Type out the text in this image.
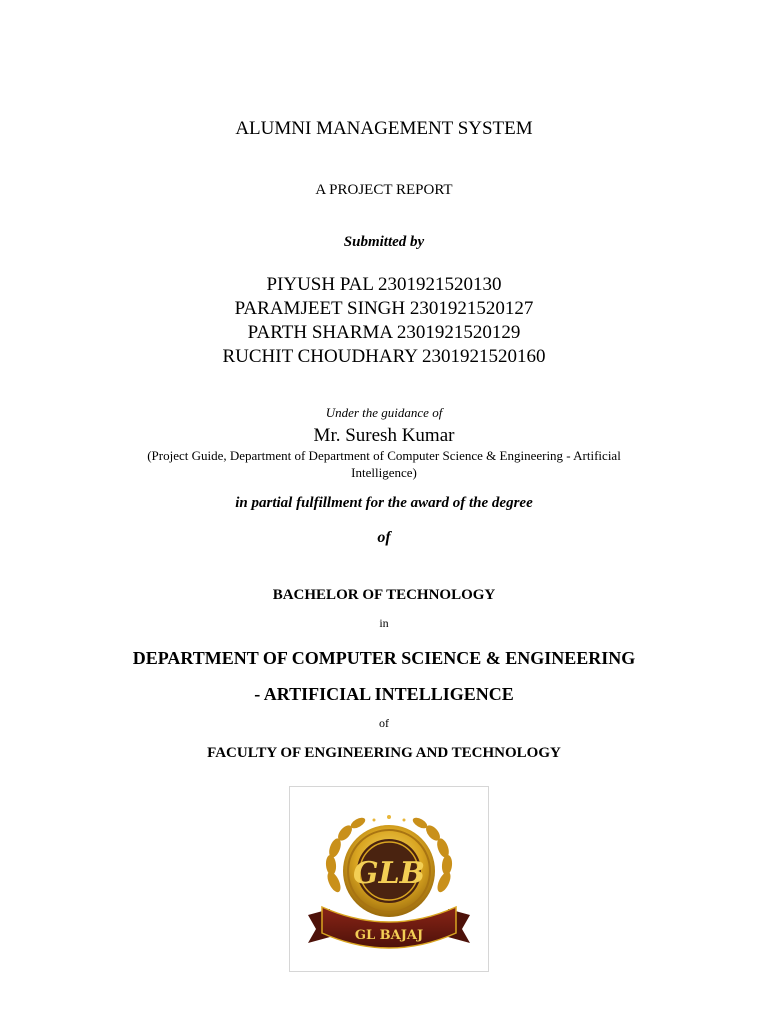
ALUMNI MANAGEMENT SYSTEM
A PROJECT REPORT
Submitted by
PIYUSH PAL 2301921520130
PARAMJEET SINGH 2301921520127
PARTH SHARMA 2301921520129
RUCHIT CHOUDHARY 2301921520160
Under the guidance of
Mr. Suresh Kumar
(Project Guide, Department of Department of Computer Science & Engineering - Artificial
Intelligence)
in partial fulfillment for the award of the degree
of
BACHELOR OF TECHNOLOGY
in
DEPARTMENT OF COMPUTER SCIENCE & ENGINEERING
- ARTIFICIAL INTELLIGENCE
of
FACULTY OF ENGINEERING AND TECHNOLOGY
GLB
GL BAJAJ
